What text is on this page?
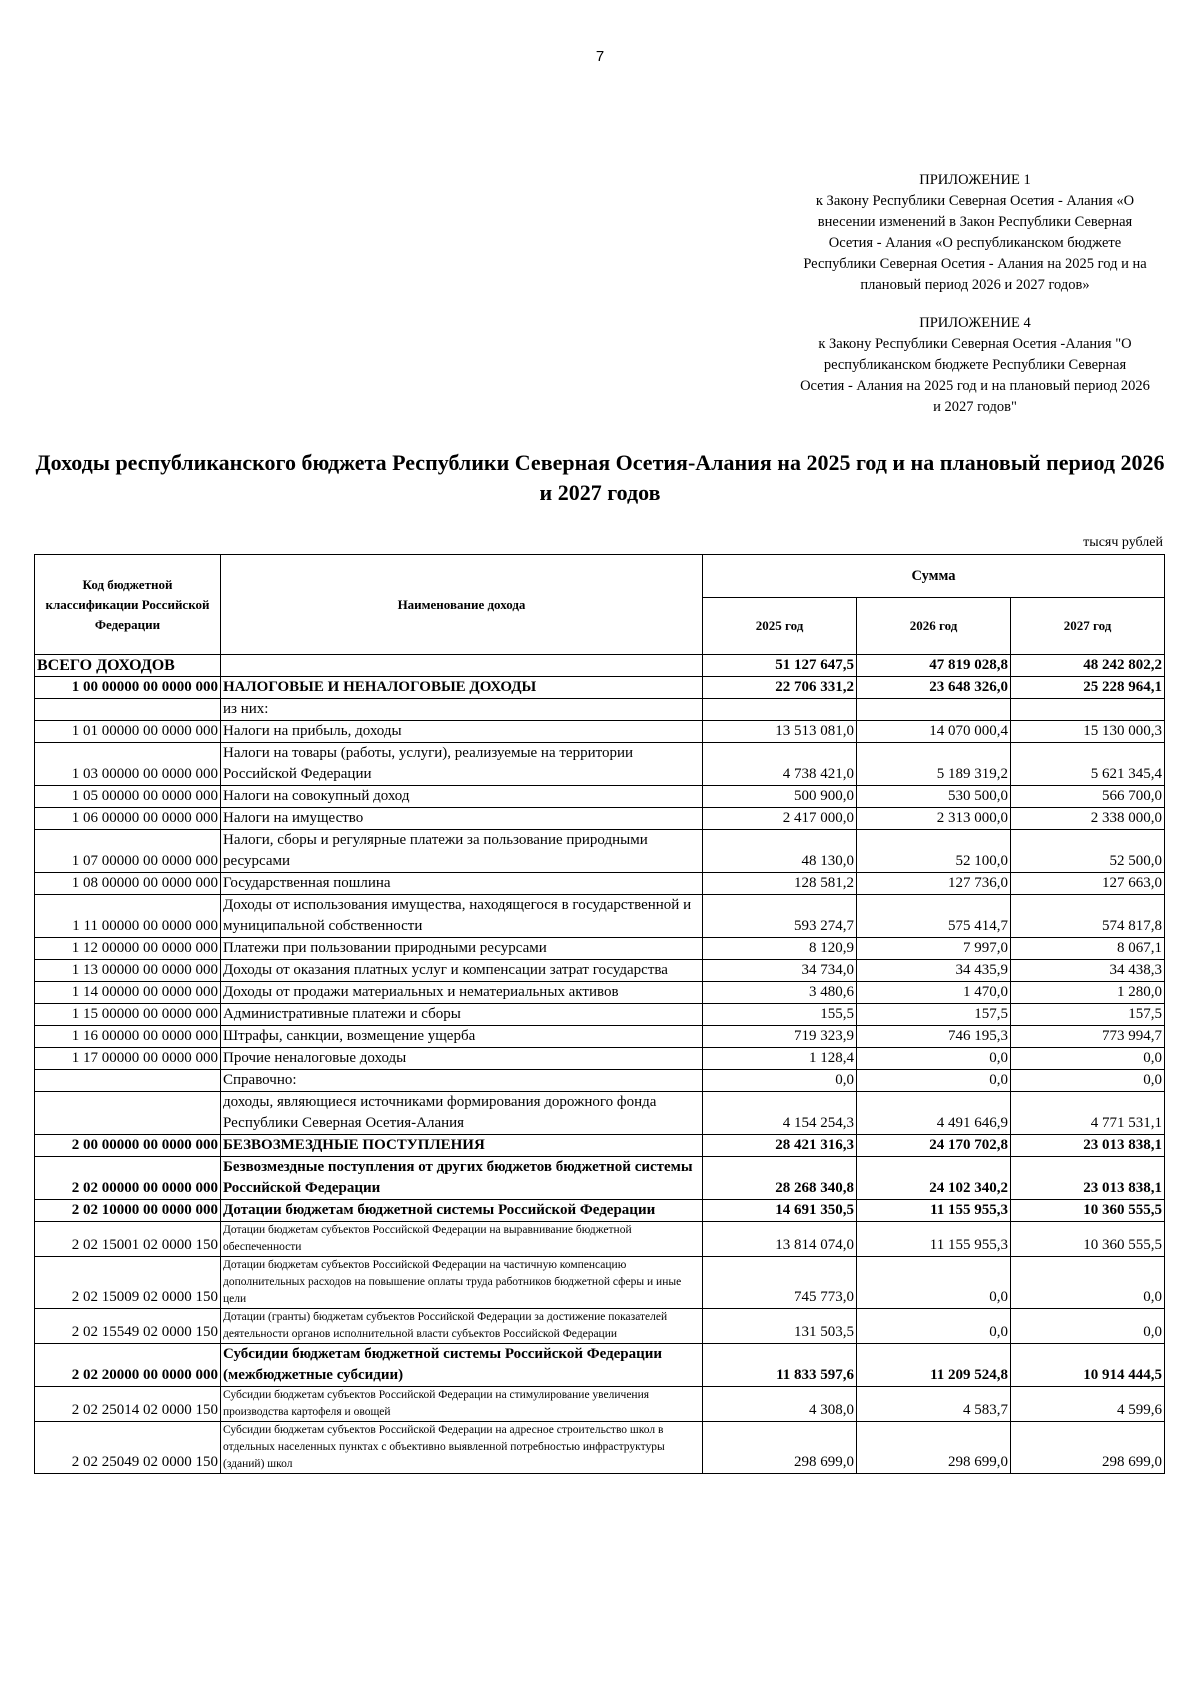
7

ПРИЛОЖЕНИЕ 1

к Закону Республики Северная Осетия - Алания «О

внесении изменений в Закон Республики Северная

Осетия - Алания «О республиканском бюджете

Республики Северная Осетия - Алания на 2025 год и на

плановый период 2026 и 2027 годов»

ПРИЛОЖЕНИЕ 4

к Закону Республики Северная Осетия -Алания "О

республиканском бюджете Республики Северная

Осетия - Алания на 2025 год и на плановый период 2026

и 2027 годов"

Доходы республиканского бюджета Республики Северная Осетия-Алания на 2025 год и на плановый период 2026 и 2027 годов
тысяч рублей
Код бюджетной классификации Российской Федерации	Наименование дохода	Сумма		
		2025 год	2026 год	2027 год
ВСЕГО ДОХОДОВ		51 127 647,5	47 819 028,8	48 242 802,2
1 00 00000 00 0000 000	НАЛОГОВЫЕ И НЕНАЛОГОВЫЕ ДОХОДЫ	22 706 331,2	23 648 326,0	25 228 964,1
	из них:			
1 01 00000 00 0000 000	Налоги на прибыль, доходы	13 513 081,0	14 070 000,4	15 130 000,3
1 03 00000 00 0000 000	Налоги на товары (работы, услуги), реализуемые на территории Российской Федерации	4 738 421,0	5 189 319,2	5 621 345,4
1 05 00000 00 0000 000	Налоги на совокупный доход	500 900,0	530 500,0	566 700,0
1 06 00000 00 0000 000	Налоги на имущество	2 417 000,0	2 313 000,0	2 338 000,0
1 07 00000 00 0000 000	Налоги, сборы и регулярные платежи за пользование природными ресурсами	48 130,0	52 100,0	52 500,0
1 08 00000 00 0000 000	Государственная пошлина	128 581,2	127 736,0	127 663,0
1 11 00000 00 0000 000	Доходы от использования имущества, находящегося в государственной и муниципальной собственности	593 274,7	575 414,7	574 817,8
1 12 00000 00 0000 000	Платежи при пользовании природными ресурсами	8 120,9	7 997,0	8 067,1
1 13 00000 00 0000 000	Доходы от оказания платных услуг и компенсации затрат государства	34 734,0	34 435,9	34 438,3
1 14 00000 00 0000 000	Доходы от продажи материальных и нематериальных активов	3 480,6	1 470,0	1 280,0
1 15 00000 00 0000 000	Административные платежи и сборы	155,5	157,5	157,5
1 16 00000 00 0000 000	Штрафы, санкции, возмещение ущерба	719 323,9	746 195,3	773 994,7
1 17 00000 00 0000 000	Прочие неналоговые доходы	1 128,4	0,0	0,0
	Справочно:	0,0	0,0	0,0
	доходы, являющиеся источниками формирования дорожного фонда Республики Северная Осетия-Алания	4 154 254,3	4 491 646,9	4 771 531,1
2 00 00000 00 0000 000	БЕЗВОЗМЕЗДНЫЕ ПОСТУПЛЕНИЯ	28 421 316,3	24 170 702,8	23 013 838,1
2 02 00000 00 0000 000	Безвозмездные поступления от других бюджетов бюджетной системы Российской Федерации	28 268 340,8	24 102 340,2	23 013 838,1
2 02 10000 00 0000 000	Дотации бюджетам бюджетной системы Российской Федерации	14 691 350,5	11 155 955,3	10 360 555,5
2 02 15001 02 0000 150	Дотации бюджетам субъектов Российской Федерации на выравнивание бюджетной обеспеченности	13 814 074,0	11 155 955,3	10 360 555,5
2 02 15009 02 0000 150	Дотации бюджетам субъектов Российской Федерации на частичную компенсацию дополнительных расходов на повышение оплаты труда работников бюджетной сферы и иные цели	745 773,0	0,0	0,0
2 02 15549 02 0000 150	Дотации (гранты) бюджетам субъектов Российской Федерации за достижение показателей деятельности органов исполнительной власти субъектов Российской Федерации	131 503,5	0,0	0,0
2 02 20000 00 0000 000	Субсидии бюджетам бюджетной системы Российской Федерации (межбюджетные субсидии)	11 833 597,6	11 209 524,8	10 914 444,5
2 02 25014 02 0000 150	Субсидии бюджетам субъектов Российской Федерации на стимулирование увеличения производства картофеля и овощей	4 308,0	4 583,7	4 599,6
2 02 25049 02 0000 150	Субсидии бюджетам субъектов Российской Федерации на адресное строительство школ в отдельных населенных пунктах с объективно выявленной потребностью инфраструктуры (зданий) школ	298 699,0	298 699,0	298 699,0
